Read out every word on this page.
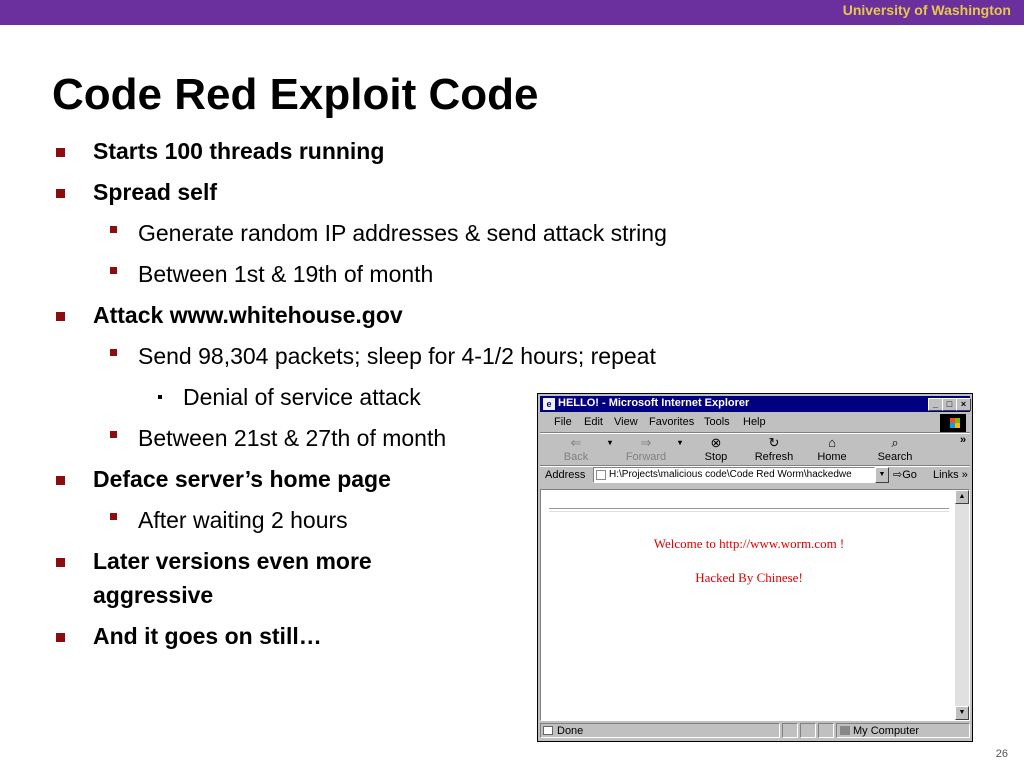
University of Washington
Code Red Exploit Code
Starts 100 threads running
Spread self
Generate random IP addresses & send attack string
Between 1st & 19th of month
Attack www.whitehouse.gov
Send 98,304 packets; sleep for 4-1/2 hours; repeat
Denial of service attack
Between 21st & 27th of month
Deface server’s home page
After waiting 2 hours
Later versions even more
aggressive
And it goes on still…
26
e HELLO! - Microsoft Internet Explorer	_ □ ×
File Edit View Favorites Tools Help
⇐
Back
▾ ⇒
Forward
▾ ⊗
Stop
↻
Refresh
⌂
Home
⌕
Search
»
Address H:\Projects\malicious code\Code Red Worm\hackedwe	▼ ⇨Go Links »
Welcome to http://www.worm.com !
Hacked By Chinese!
▲
▼
Done	My Computer
